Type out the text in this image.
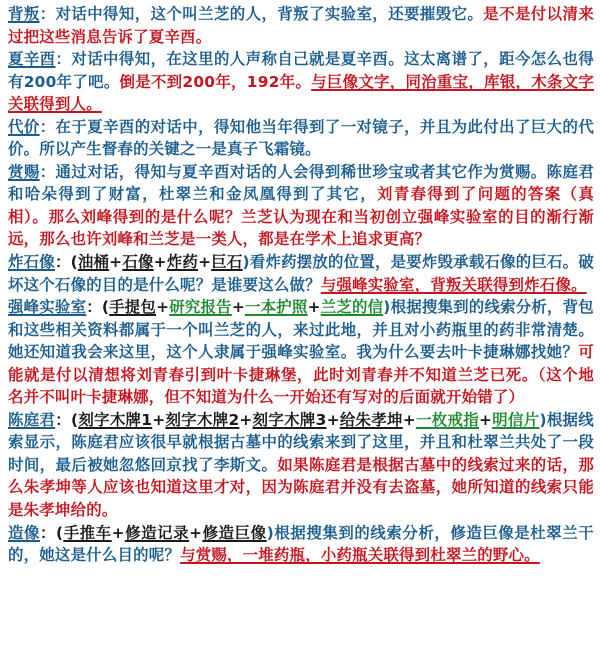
背叛：对话中得知，这个叫兰芝的人，背叛了实验室，还要摧毁它。是不是付以清来过把这些消息告诉了夏辛酉。

夏辛酉：对话中得知，在这里的人声称自己就是夏辛酉。这太离谱了，距今怎么也得有200年了吧。倒是不到200年，192年。与巨像文字，同治重宝，库银，木条文字关联得到人。

代价：在于夏辛酉的对话中，得知他当年得到了一对镜子，并且为此付出了巨大的代价。所以产生督春的关键之一是真子飞霜镜。

赏赐：通过对话，得知与夏辛酉对话的人会得到稀世珍宝或者其它作为赏赐。陈庭君和哈朵得到了财富，杜翠兰和金凤凰得到了其它，刘青春得到了问题的答案（真相）。那么刘峰得到的是什么呢？兰芝认为现在和当初创立强峰实验室的目的渐行渐远，那么也许刘峰和兰芝是一类人，都是在学术上追求更高？

炸石像：(油桶+石像+炸药+巨石)看炸药摆放的位置，是要炸毁承载石像的巨石。破坏这个石像的目的是什么呢？是谁要这么做？与强峰实验室，背叛关联得到炸石像。

强峰实验室：(手提包+研究报告+一本护照+兰芝的信)根据搜集到的线索分析，背包和这些相关资料都属于一个叫兰芝的人，来过此地，并且对小药瓶里的药非常清楚。她还知道我会来这里，这个人隶属于强峰实验室。我为什么要去叶卡捷琳娜找她？可能就是付以清想将刘青春引到叶卡捷琳堡，此时刘青春并不知道兰芝已死。（这个地名并不叫叶卡捷琳娜，但不知道为什么一开始还有写对的后面就开始错了）

陈庭君：(刻字木牌1+刻字木牌2+刻字木牌3+给朱孝坤+一枚戒指+明信片)根据线索显示，陈庭君应该很早就根据古墓中的线索来到了这里，并且和杜翠兰共处了一段时间，最后被她忽悠回京找了李斯文。如果陈庭君是根据古墓中的线索过来的话，那么朱孝坤等人应该也知道这里才对，因为陈庭君并没有去盗墓，她所知道的线索只能是朱孝坤给的。

造像：(手推车+修造记录+修造巨像)根据搜集到的线索分析，修造巨像是杜翠兰干的，她这是什么目的呢？与赏赐，一堆药瓶，小药瓶关联得到杜翠兰的野心。
